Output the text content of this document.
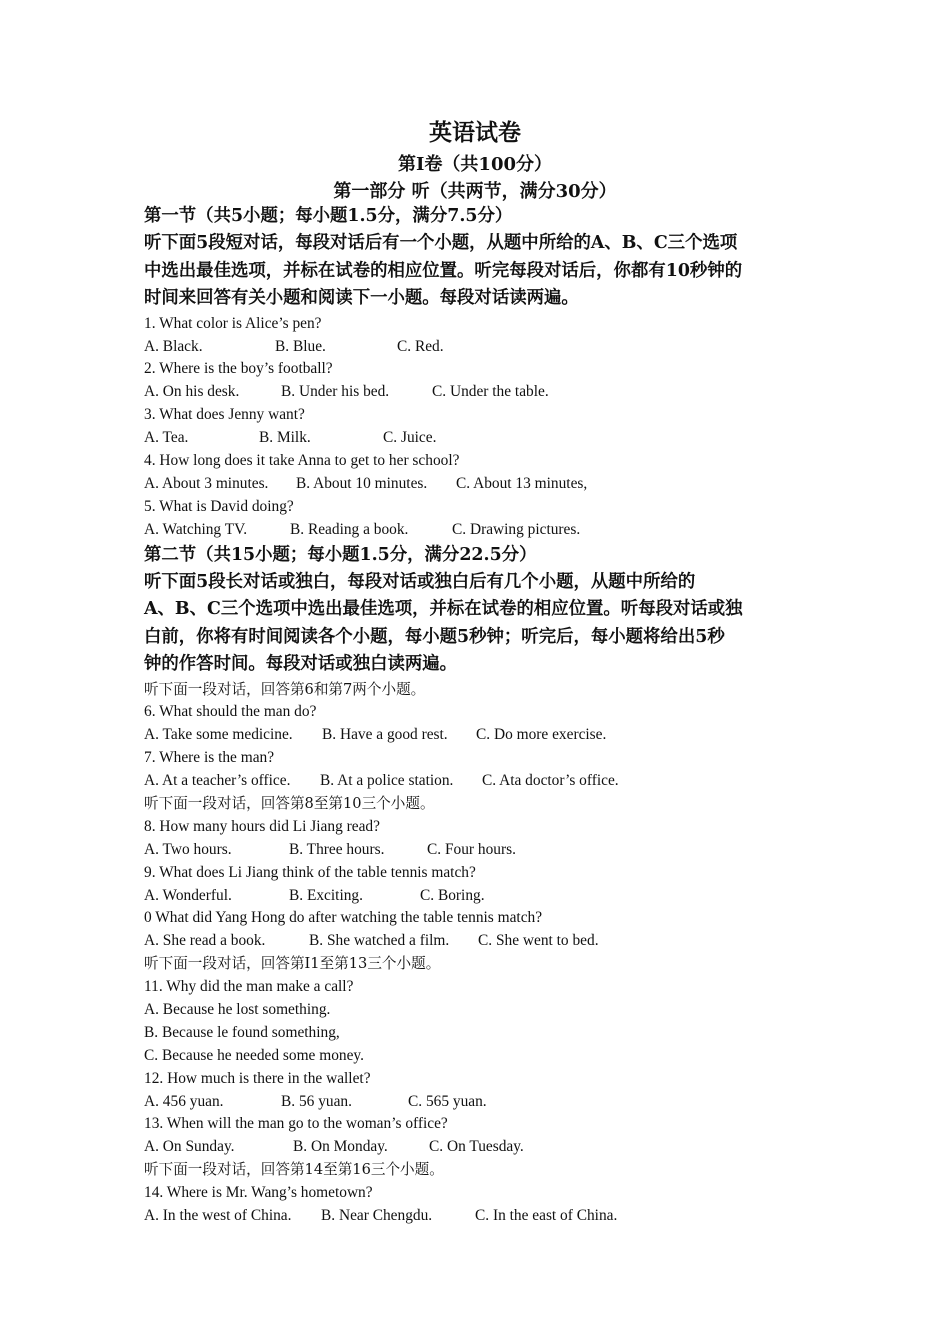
英语试卷
第Ⅰ卷（共100分）
第一部分 听（共两节，满分30分）
第一节（共5小题；每小题1.5分，满分7.5分）
听下面5段短对话，每段对话后有一个小题，从题中所给的A、B、C三个选项
中选出最佳选项，并标在试卷的相应位置。听完每段对话后，你都有10秒钟的
时间来回答有关小题和阅读下一小题。每段对话读两遍。
1. What color is Alice’s pen?
A. Black.	B. Blue.	C. Red.
2. Where is the boy’s football?
A. On his desk.	B. Under his bed.	C. Under the table.
3. What does Jenny want?
A. Tea.	B. Milk.	C. Juice.
4. How long does it take Anna to get to her school?
A. About 3 minutes.	B. About 10 minutes.	C. About 13 minutes,
5. What is David doing?
A. Watching TV.	B. Reading a book.	C. Drawing pictures.
第二节（共15小题；每小题1.5分，满分22.5分）
听下面5段长对话或独白，每段对话或独白后有几个小题，从题中所给的
A、B、C三个选项中选出最佳选项，并标在试卷的相应位置。听每段对话或独
白前，你将有时间阅读各个小题，每小题5秒钟；听完后，每小题将给出5秒
钟的作答时间。每段对话或独白读两遍。
听下面一段对话，回答第6和第7两个小题。
6. What should the man do?
A. Take some medicine.	B. Have a good rest.	C. Do more exercise.
7. Where is the man?
A. At a teacher’s office.	B. At a police station.	C. Ata doctor’s office.
听下面一段对话，回答第8至第10三个小题。
8. How many hours did Li Jiang read?
A. Two hours.	B. Three hours.	C. Four hours.
9. What does Li Jiang think of the table tennis match?
A. Wonderful.	B. Exciting.	C. Boring.
0 What did Yang Hong do after watching the table tennis match?
A. She read a book.	B. She watched a film.	C. She went to bed.
听下面一段对话，回答第I1至第13三个小题。
11. Why did the man make a call?
A. Because he lost something.
B. Because le found something,
C. Because he needed some money.
12. How much is there in the wallet?
A. 456 yuan.	B. 56 yuan.	C. 565 yuan.
13. When will the man go to the woman’s office?
A. On Sunday.	B. On Monday.	C. On Tuesday.
听下面一段对话，回答第14至第16三个小题。
14. Where is Mr. Wang’s hometown?
A. In the west of China.	B. Near Chengdu.	C. In the east of China.
